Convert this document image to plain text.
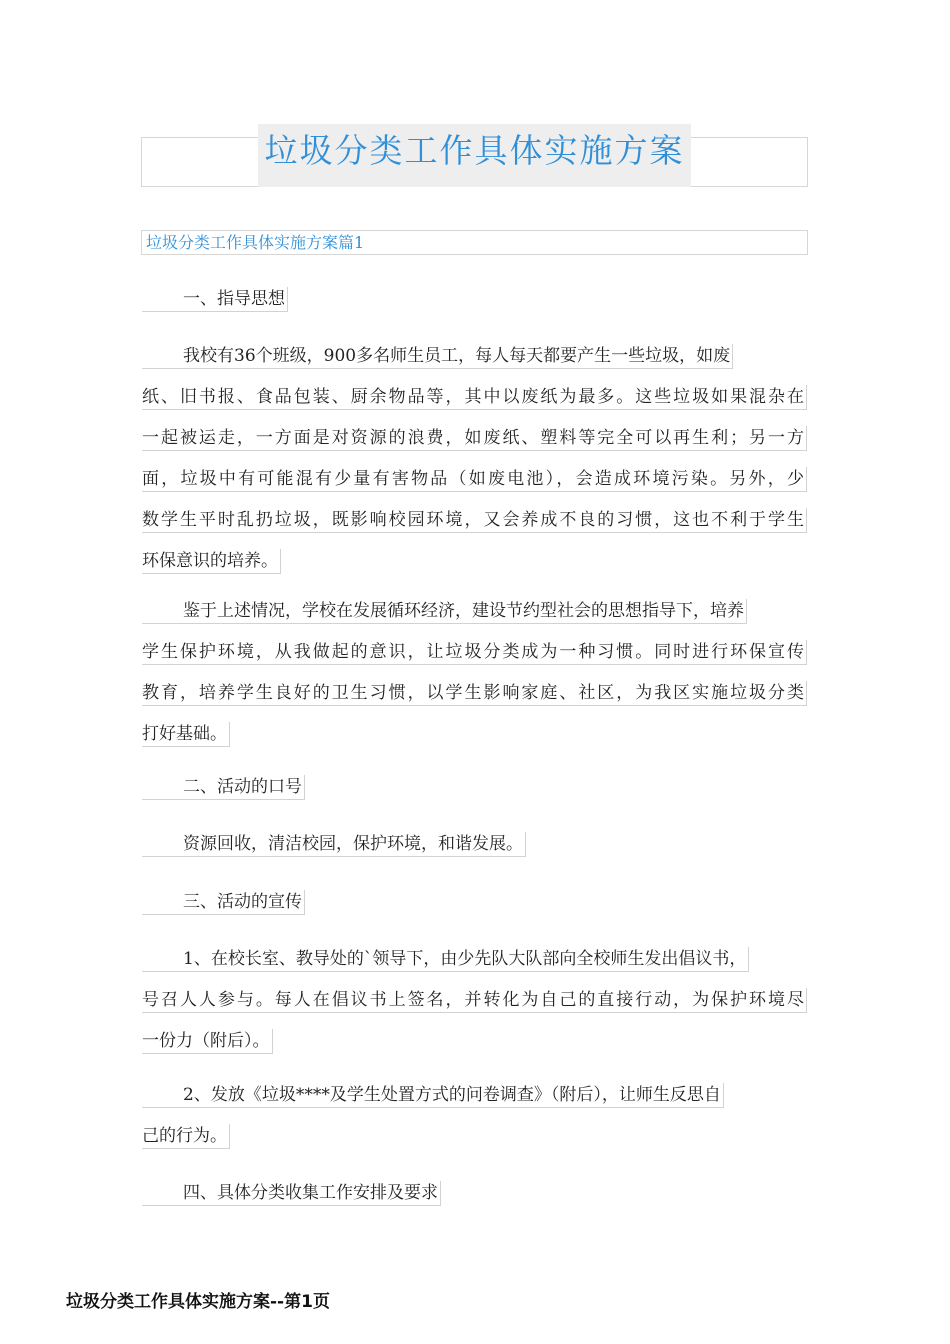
垃圾分类工作具体实施方案
垃圾分类工作具体实施方案篇1
一、指导思想
我校有36个班级，900多名师生员工，每人每天都要产生一些垃圾，如废
纸、旧书报、食品包装、厨余物品等，其中以废纸为最多。这些垃圾如果混杂在
一起被运走，一方面是对资源的浪费，如废纸、塑料等完全可以再生利；另一方
面，垃圾中有可能混有少量有害物品（如废电池），会造成环境污染。另外，少
数学生平时乱扔垃圾，既影响校园环境，又会养成不良的习惯，这也不利于学生
环保意识的培养。
鉴于上述情况，学校在发展循环经济，建设节约型社会的思想指导下，培养
学生保护环境，从我做起的意识，让垃圾分类成为一种习惯。同时进行环保宣传
教育，培养学生良好的卫生习惯，以学生影响家庭、社区，为我区实施垃圾分类
打好基础。
二、活动的口号
资源回收，清洁校园，保护环境，和谐发展。
三、活动的宣传
1、在校长室、教导处的`领导下，由少先队大队部向全校师生发出倡议书，
号召人人参与。每人在倡议书上签名，并转化为自己的直接行动，为保护环境尽
一份力（附后）。
2、发放《垃圾****及学生处置方式的问卷调查》（附后），让师生反思自
己的行为。
四、具体分类收集工作安排及要求
垃圾分类工作具体实施方案--第1页
